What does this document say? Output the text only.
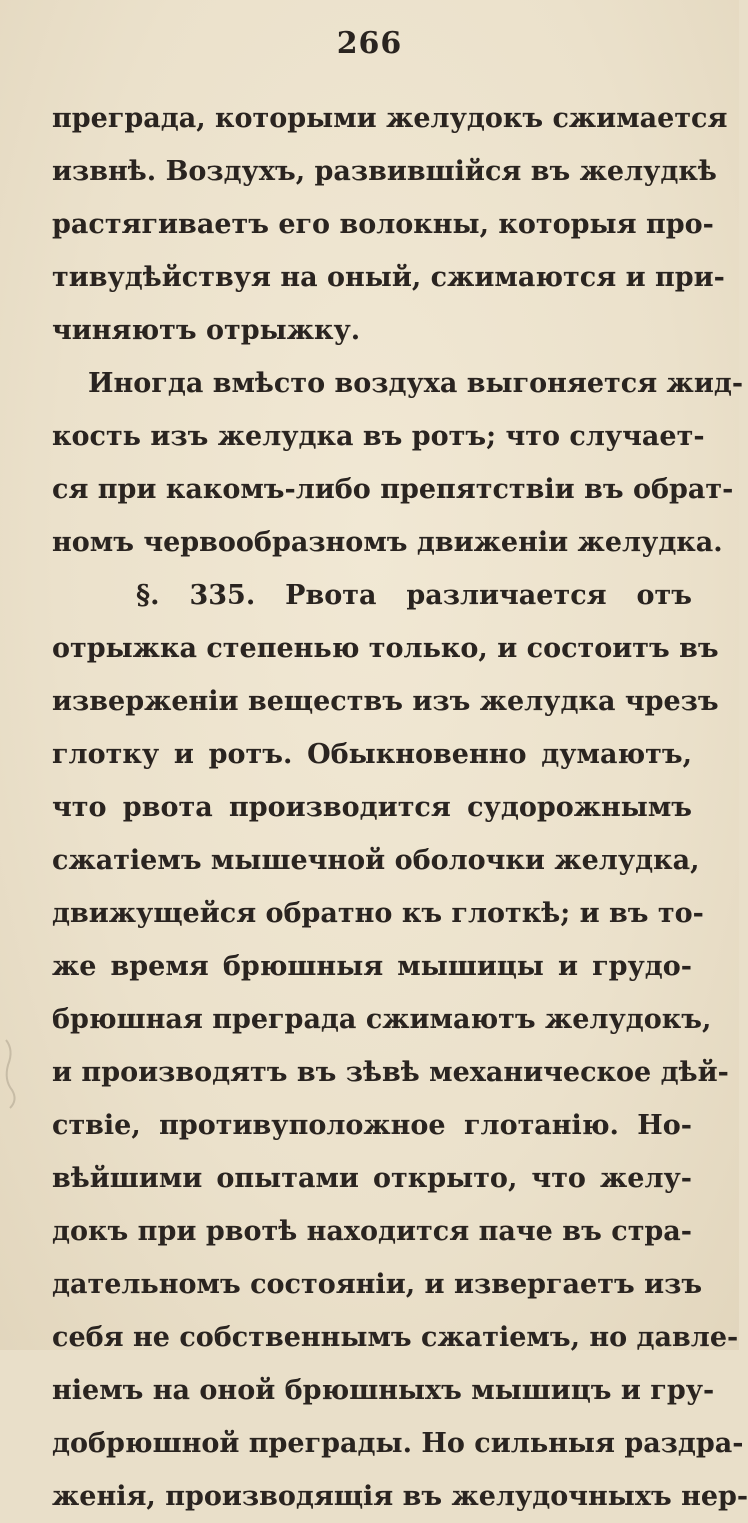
266
преграда, которыми желудокъ сжимается
извнѣ. Воздухъ, развившійся въ желудкѣ
растягиваетъ его волокны, которыя про-
тивудѣйствуя на оный, сжимаются и при-
чиняютъ отрыжку.
Иногда вмѣсто воздуха выгоняется жид-
кость изъ желудка въ ротъ; что случает-
ся при какомъ-либо препятствіи въ обрат-
номъ червообразномъ движеніи желудка.
§. 335. Рвота различается отъ
отрыжка степенью только, и состоитъ въ
изверженіи веществъ изъ желудка чрезъ
глотку и ротъ. Обыкновенно думаютъ,
что рвота производится судорожнымъ
сжатіемъ мышечной оболочки желудка,
движущейся обратно къ глоткѣ; и въ то-
же время брюшныя мышицы и грудо-
брюшная преграда сжимаютъ желудокъ,
и производятъ въ зѣвѣ механическое дѣй-
ствіе, противуположное глотанію. Но-
вѣйшими опытами открыто, что желу-
докъ при рвотѣ находится паче въ стра-
дательномъ состояніи, и извергаетъ изъ
себя не собственнымъ сжатіемъ, но давле-
ніемъ на оной брюшныхъ мышицъ и гру-
добрюшной преграды. Но сильныя раздра-
женія, производящія въ желудочныхъ нер-
